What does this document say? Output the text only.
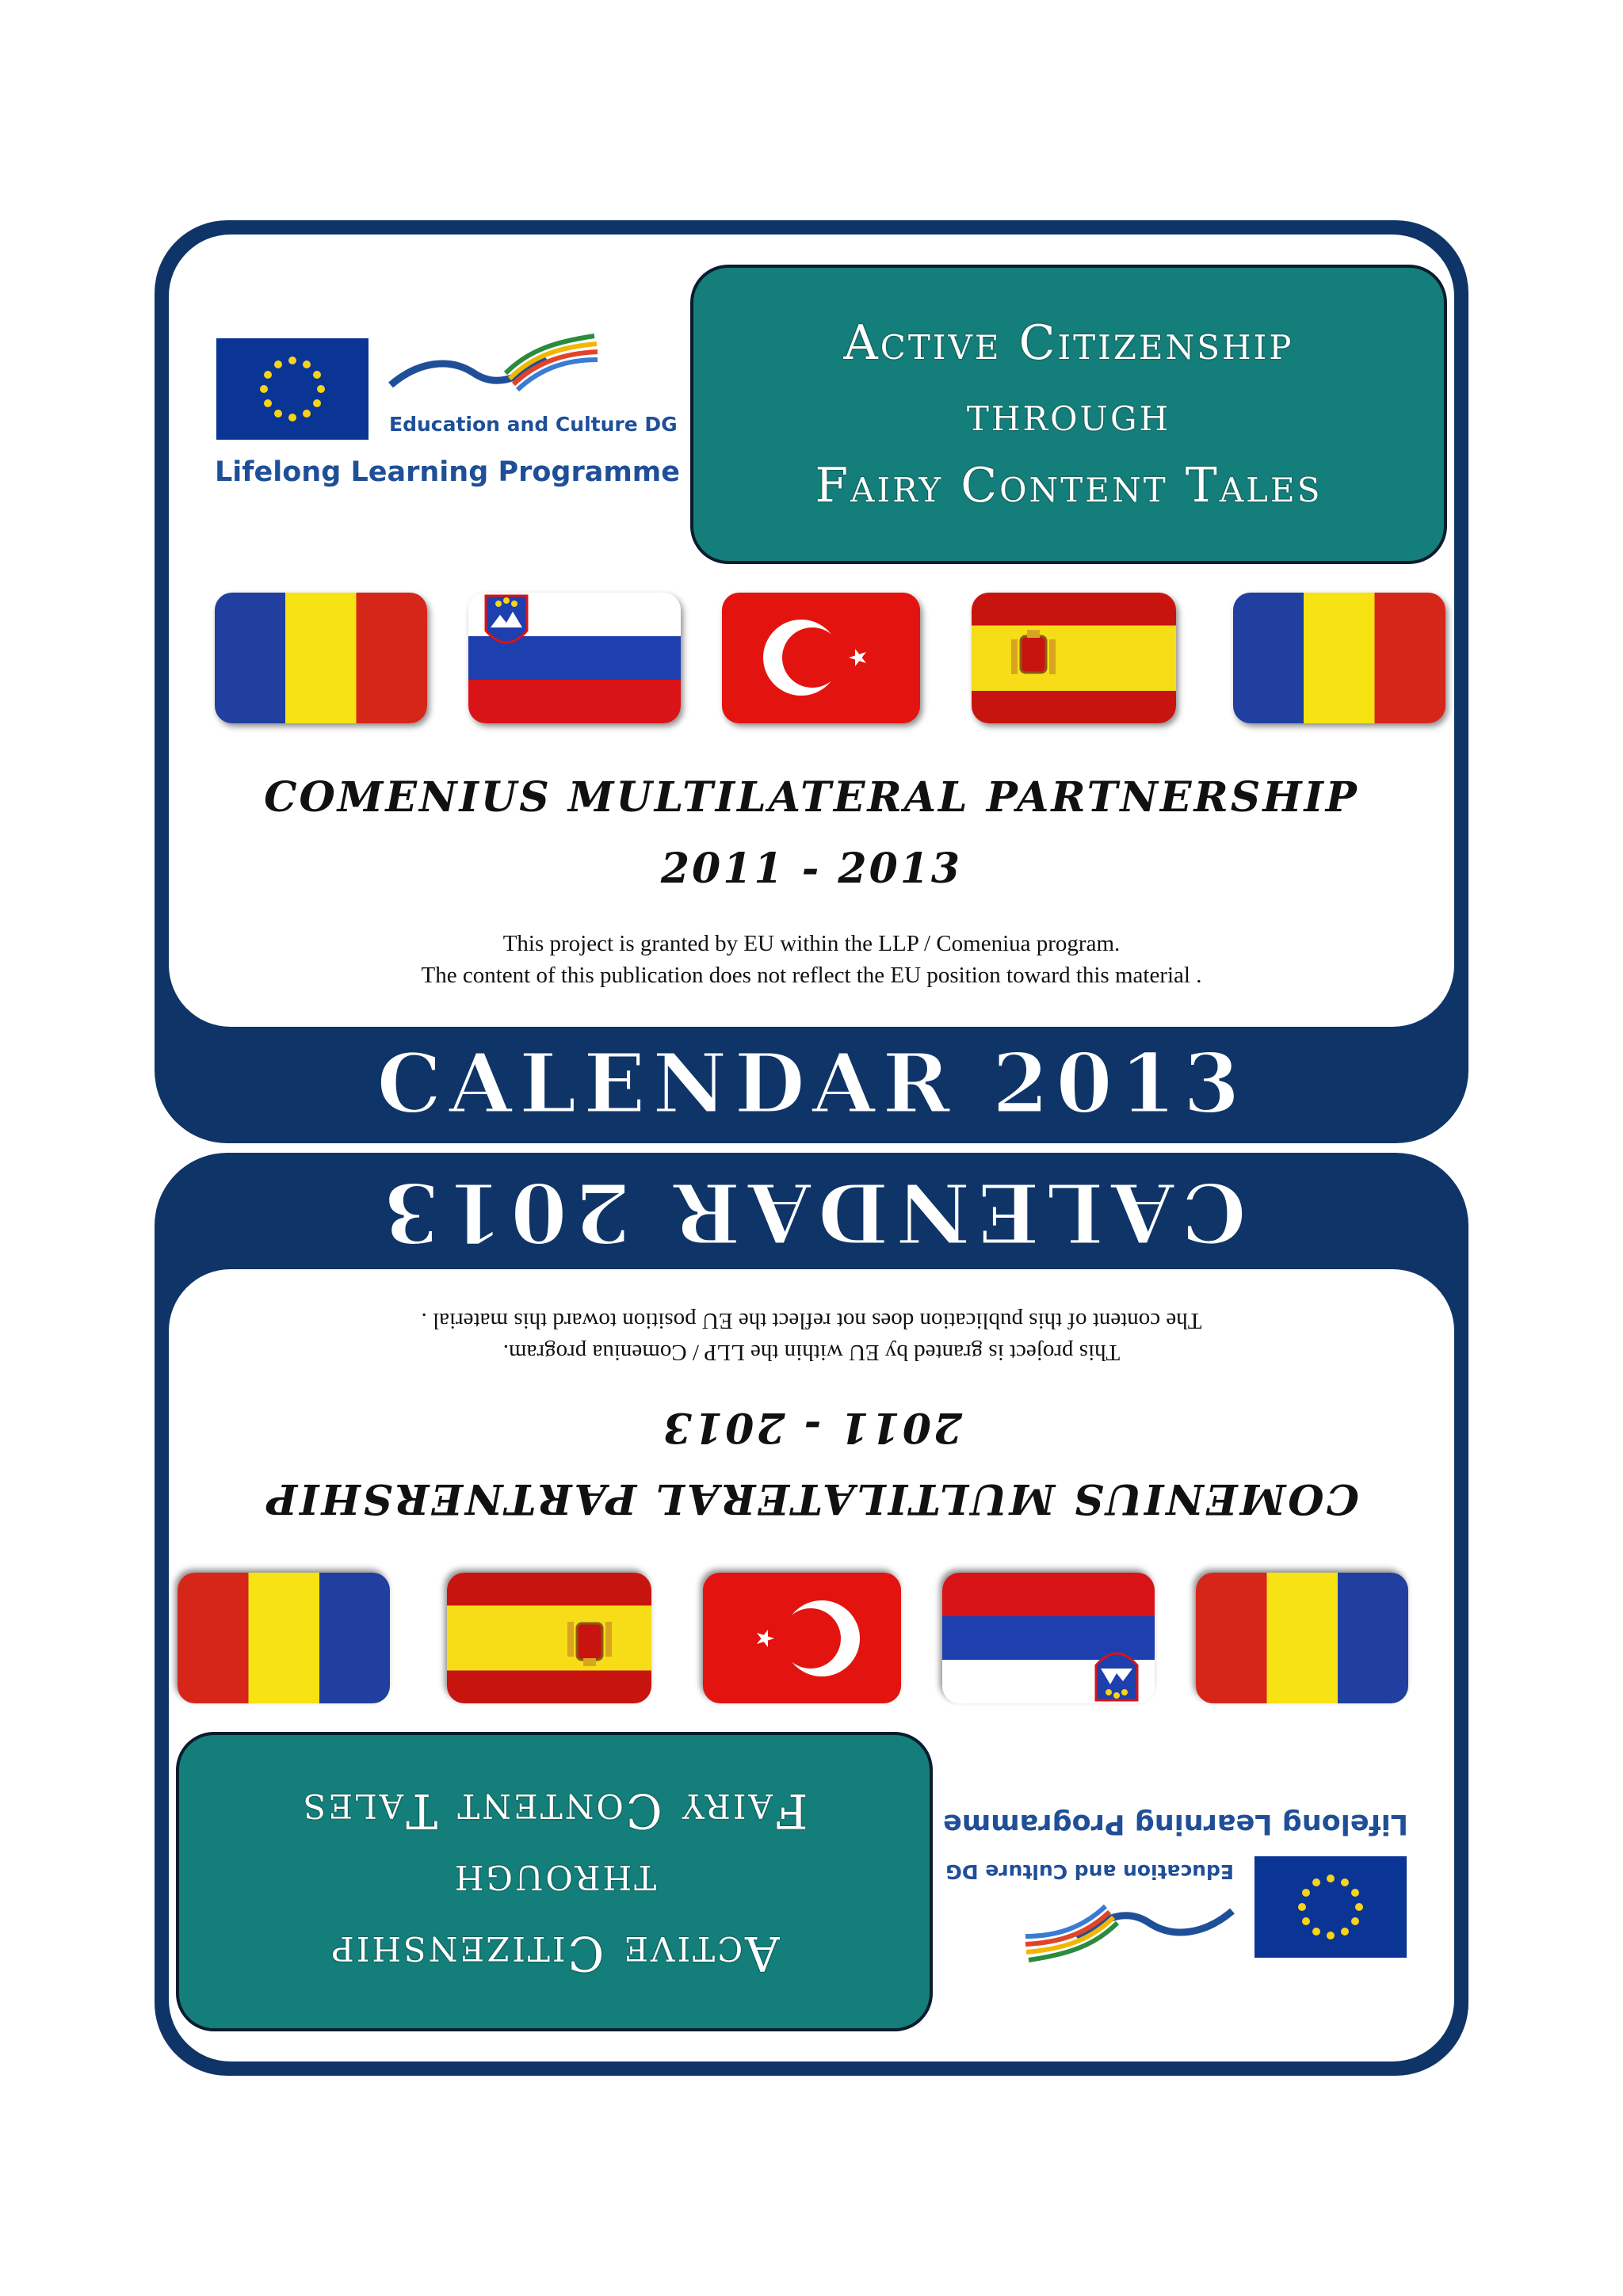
Education and Culture DG
Lifelong Learning Programme
Active Citizenship
through
Fairy Content Tales
COMENIUS MULTILATERAL PARTNERSHIP
2011 - 2013
This project is granted by EU within the LLP / Comeniua program.
The content of this publication does not reflect the EU position toward this material .
CALENDAR 2013
Education and Culture DG
Lifelong Learning Programme
Active Citizenship
through
Fairy Content Tales
COMENIUS MULTILATERAL PARTNERSHIP
2011 - 2013
This project is granted by EU within the LLP / Comeniua program.
The content of this publication does not reflect the EU position toward this material .
CALENDAR 2013
